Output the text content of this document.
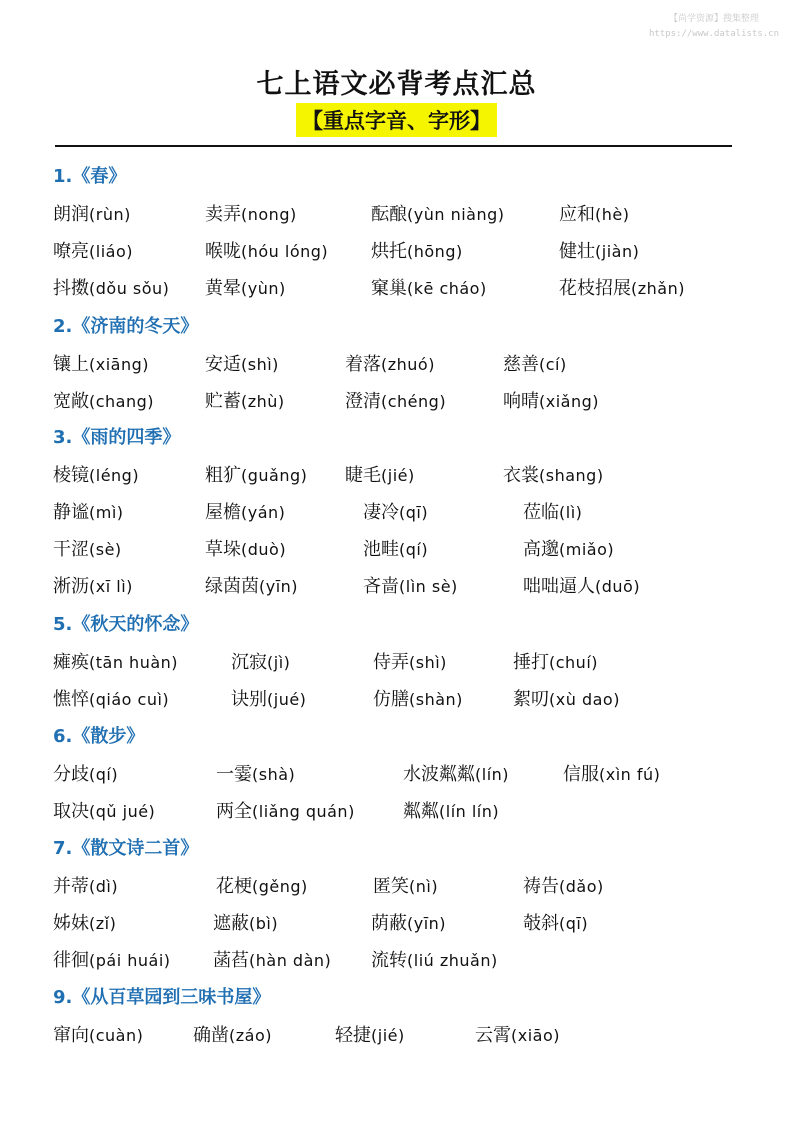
【尚学资源】搜集整理
https://www.datalists.cn
七上语文必背考点汇总
【重点字音、字形】
1.《春》
朗润(rùn)	卖弄(nong)	酝酿(yùn niàng)	应和(hè)
嘹亮(liáo)	喉咙(hóu lóng) 烘托(hōng)	健壮(jiàn)
抖擞(dǒu sǒu) 黄晕(yùn)	窠巢(kē cháo)	花枝招展(zhǎn)
2.《济南的冬天》
镶上(xiāng)	安适(shì)	着落(zhuó)	慈善(cí)
宽敞(chang)	贮蓄(zhù)	澄清(chéng)	响晴(xiǎng)
3.《雨的四季》
棱镜(léng)	粗犷(guǎng) 睫毛(jié)	衣裳(shang)
静谧(mì)	屋檐(yán)	凄冷(qī)	莅临(lì)
干涩(sè)	草垛(duò)	池畦(qí)	高邈(miǎo)
淅沥(xī lì)	绿茵茵(yīn)	吝啬(lìn sè)	咄咄逼人(duō)
5.《秋天的怀念》
瘫痪(tān huàn)	沉寂(jì)	侍弄(shì)	捶打(chuí)
憔悴(qiáo cuì)	诀别(jué)	仿膳(shàn)	絮叨(xù dao)
6.《散步》
分歧(qí)	一霎(shà)	水波粼粼(lín)	信服(xìn fú)
取决(qǔ jué)	两全(liǎng quán)	粼粼(lín lín)
7.《散文诗二首》
并蒂(dì)	花梗(gěng)	匿笑(nì)	祷告(dǎo)
姊妹(zǐ)	遮蔽(bì)	荫蔽(yīn)	攲斜(qī)
徘徊(pái huái) 菡萏(hàn dàn) 流转(liú zhuǎn)
9.《从百草园到三味书屋》
窜向(cuàn)	确凿(záo)	轻捷(jié)	云霄(xiāo)
